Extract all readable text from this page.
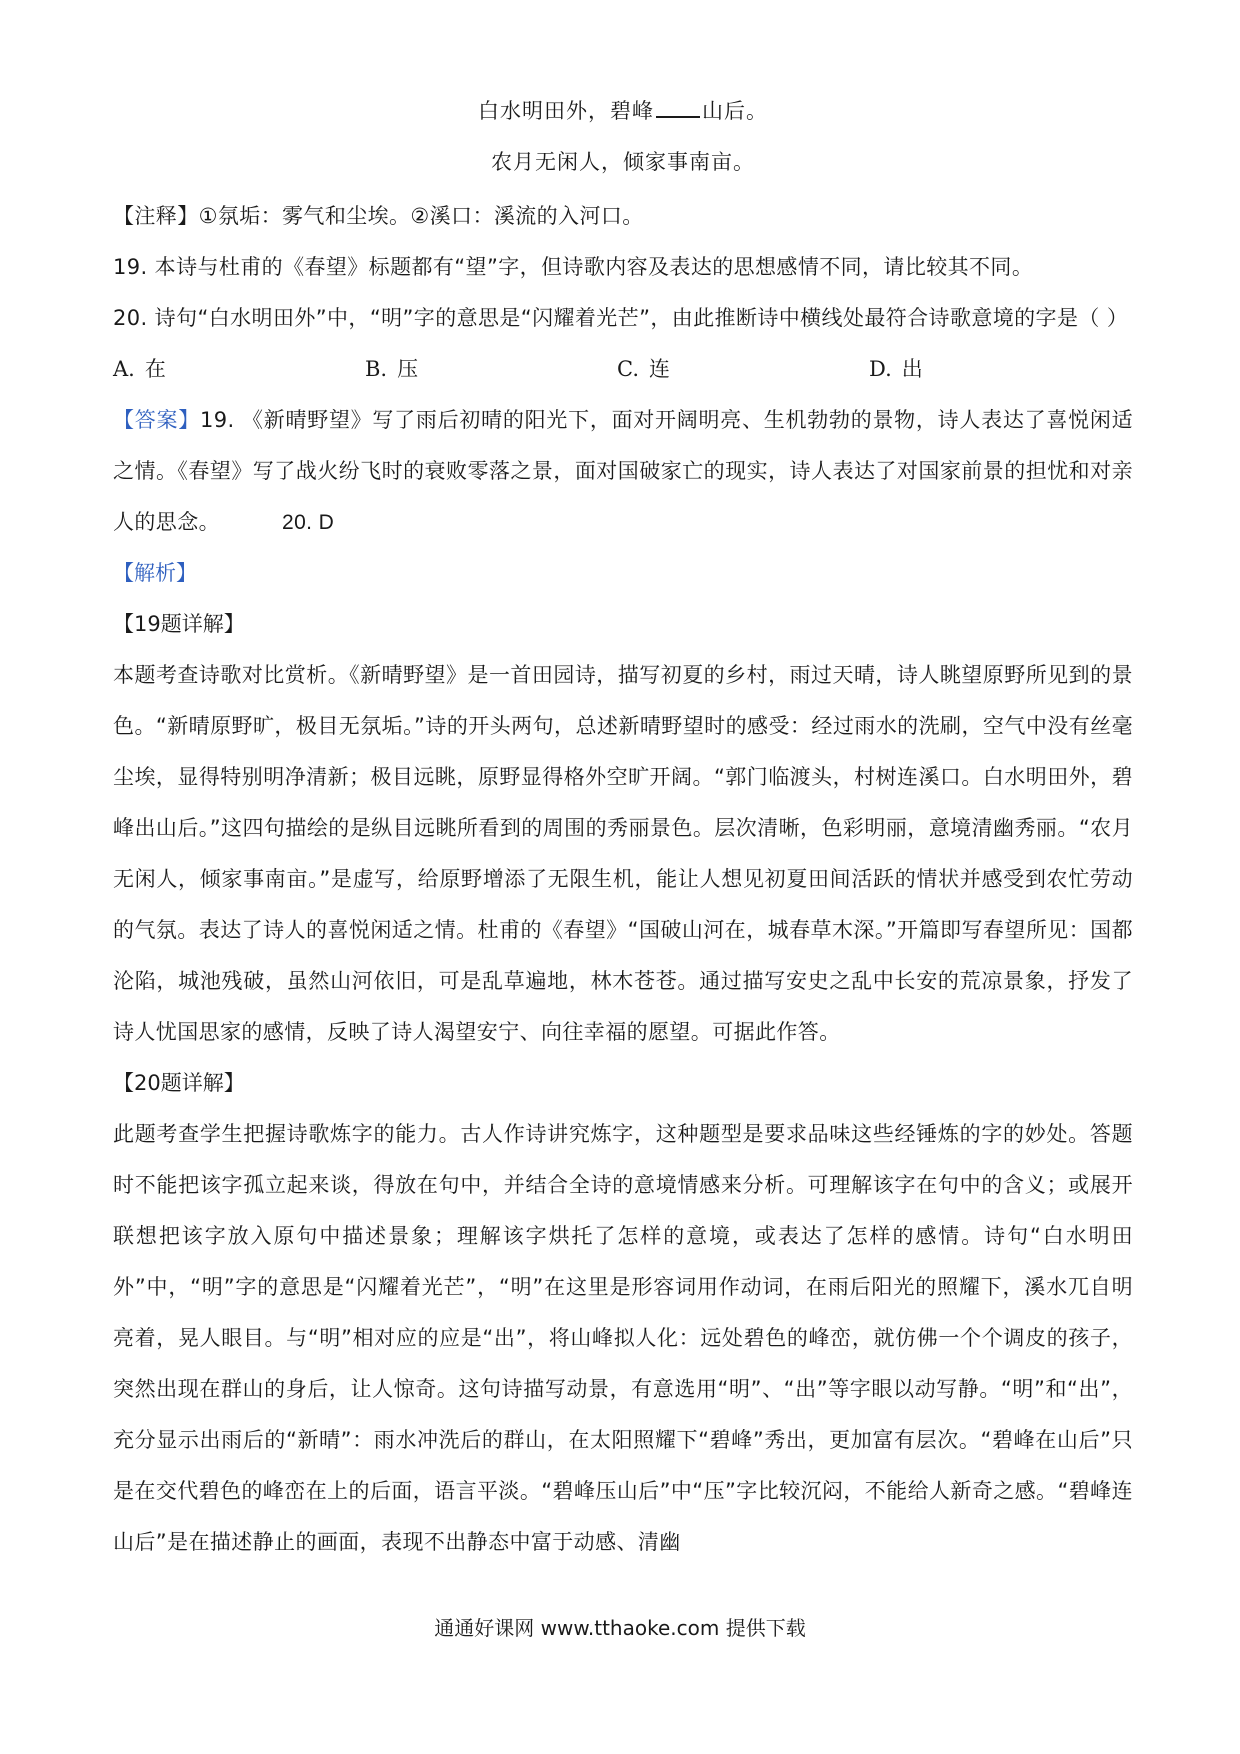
白水明田外，碧峰 山后。

农月无闲人，倾家事南亩。

【注释】①氛垢：雾气和尘埃。②溪口：溪流的入河口。

19. 本诗与杜甫的《春望》标题都有“望”字，但诗歌内容及表达的思想感情不同，请比较其不同。

20. 诗句“白水明田外”中，“明”字的意思是“闪耀着光芒”，由此推断诗中横线处最符合诗歌意境的字是（ ）

A. 在	B. 压	C. 连	D. 出

【答案】19. 《新晴野望》写了雨后初晴的阳光下，面对开阔明亮、生机勃勃的景物，诗人表达了喜悦闲适之情。《春望》写了战火纷飞时的衰败零落之景，面对国破家亡的现实，诗人表达了对国家前景的担忧和对亲人的思念。	20. D

【解析】

【19题详解】

本题考查诗歌对比赏析。《新晴野望》是一首田园诗，描写初夏的乡村，雨过天晴，诗人眺望原野所见到的景色。“新晴原野旷，极目无氛垢。”诗的开头两句，总述新晴野望时的感受：经过雨水的洗刷，空气中没有丝毫尘埃，显得特别明净清新；极目远眺，原野显得格外空旷开阔。“郭门临渡头，村树连溪口。白水明田外，碧峰出山后。”这四句描绘的是纵目远眺所看到的周围的秀丽景色。层次清晰，色彩明丽，意境清幽秀丽。“农月无闲人，倾家事南亩。”是虚写，给原野增添了无限生机，能让人想见初夏田间活跃的情状并感受到农忙劳动的气氛。表达了诗人的喜悦闲适之情。杜甫的《春望》“国破山河在，城春草木深。”开篇即写春望所见：国都沦陷，城池残破，虽然山河依旧，可是乱草遍地，林木苍苍。通过描写安史之乱中长安的荒凉景象，抒发了诗人忧国思家的感情，反映了诗人渴望安宁、向往幸福的愿望。可据此作答。

【20题详解】

此题考查学生把握诗歌炼字的能力。古人作诗讲究炼字，这种题型是要求品味这些经锤炼的字的妙处。答题时不能把该字孤立起来谈，得放在句中，并结合全诗的意境情感来分析。可理解该字在句中的含义；或展开联想把该字放入原句中描述景象；理解该字烘托了怎样的意境，或表达了怎样的感情。诗句“白水明田外”中，“明”字的意思是“闪耀着光芒”，“明”在这里是形容词用作动词，在雨后阳光的照耀下，溪水兀自明亮着，晃人眼目。与“明”相对应的应是“出”，将山峰拟人化：远处碧色的峰峦，就仿佛一个个调皮的孩子，突然出现在群山的身后，让人惊奇。这句诗描写动景，有意选用“明”、“出”等字眼以动写静。“明”和“出”，充分显示出雨后的“新晴”：雨水冲洗后的群山，在太阳照耀下“碧峰”秀出，更加富有层次。“碧峰在山后”只是在交代碧色的峰峦在上的后面，语言平淡。“碧峰压山后”中“压”字比较沉闷，不能给人新奇之感。“碧峰连山后”是在描述静止的画面，表现不出静态中富于动感、清幽

通通好课网 www.tthaoke.com 提供下载
